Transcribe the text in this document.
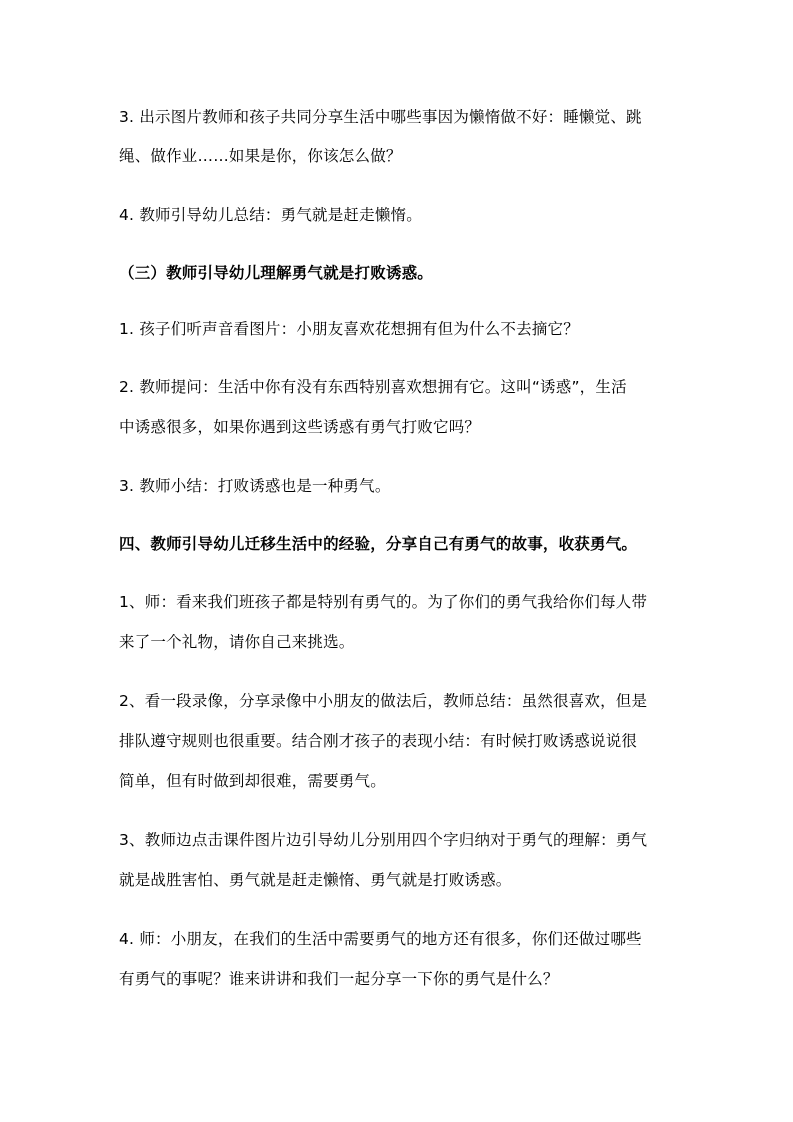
3. 出示图片教师和孩子共同分享生活中哪些事因为懒惰做不好：睡懒觉、跳
绳、做作业……如果是你，你该怎么做？
4. 教师引导幼儿总结：勇气就是赶走懒惰。
（三）教师引导幼儿理解勇气就是打败诱惑。
1. 孩子们听声音看图片：小朋友喜欢花想拥有但为什么不去摘它？
2. 教师提问：生活中你有没有东西特别喜欢想拥有它。这叫“诱惑”，生活
中诱惑很多，如果你遇到这些诱惑有勇气打败它吗？
3. 教师小结：打败诱惑也是一种勇气。
四、教师引导幼儿迁移生活中的经验，分享自己有勇气的故事，收获勇气。
1、师：看来我们班孩子都是特别有勇气的。为了你们的勇气我给你们每人带
来了一个礼物，请你自己来挑选。
2、看一段录像，分享录像中小朋友的做法后，教师总结：虽然很喜欢，但是
排队遵守规则也很重要。结合刚才孩子的表现小结：有时候打败诱惑说说很
简单，但有时做到却很难，需要勇气。
3、教师边点击课件图片边引导幼儿分别用四个字归纳对于勇气的理解：勇气
就是战胜害怕、勇气就是赶走懒惰、勇气就是打败诱惑。
4. 师：小朋友，在我们的生活中需要勇气的地方还有很多，你们还做过哪些
有勇气的事呢？谁来讲讲和我们一起分享一下你的勇气是什么？
